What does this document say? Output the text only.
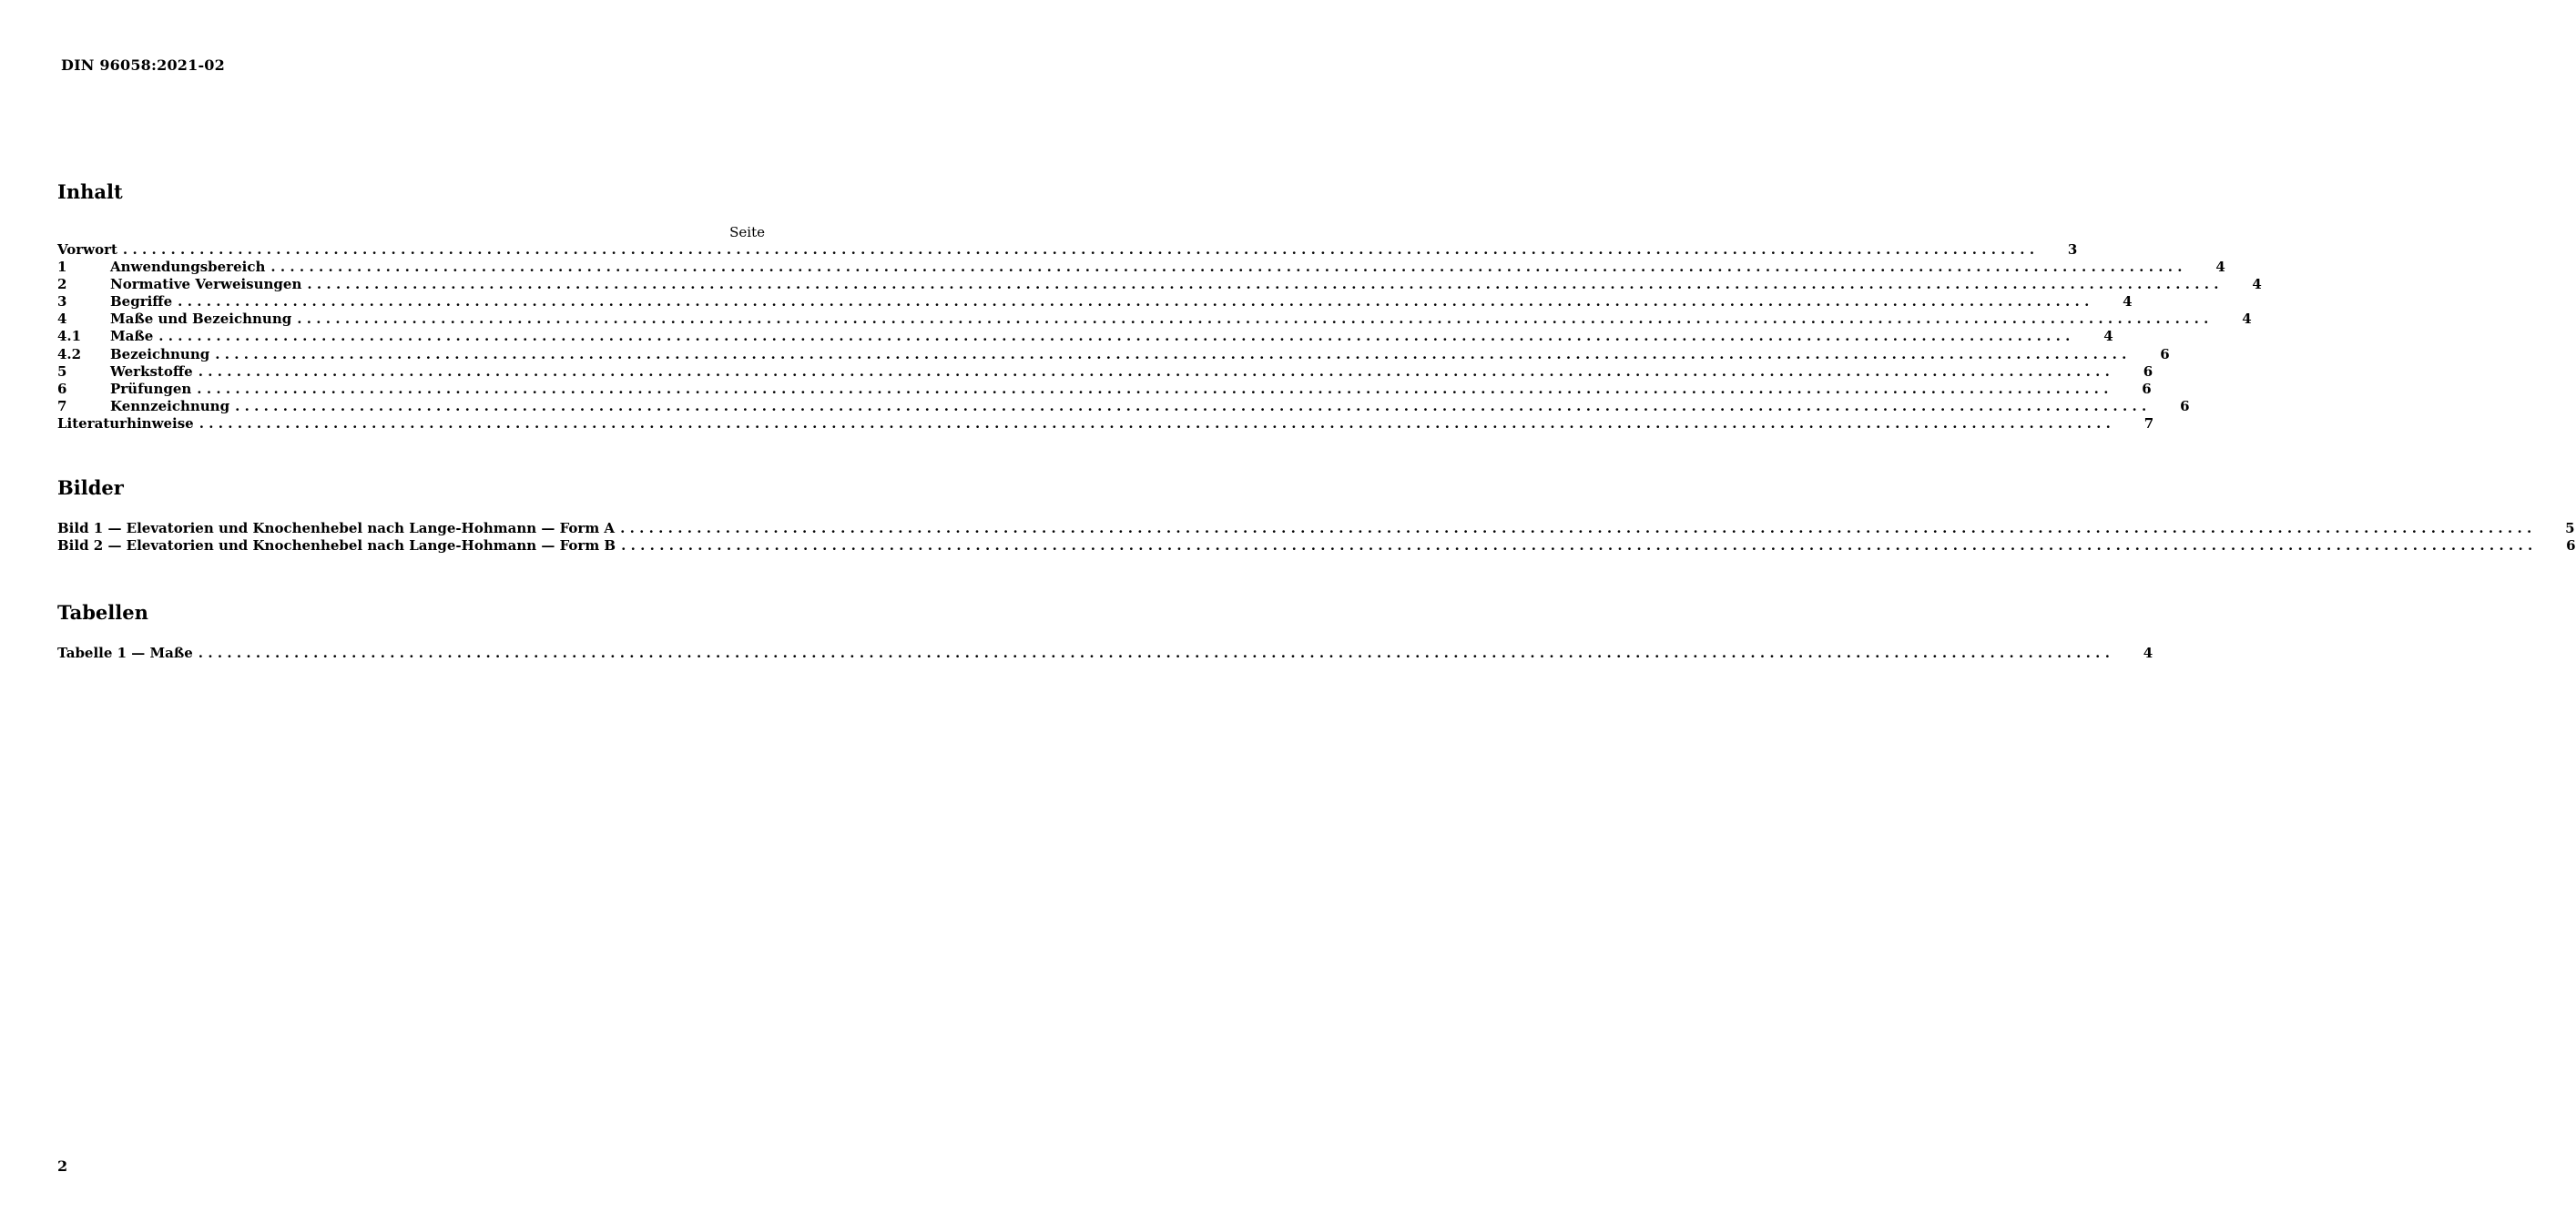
DIN 96058:2021-02
Inhalt
Seite
Vorwort ........................................................................................................................................................................................................ 3
1	Anwendungsbereich ........................................................................................................................................................................................................ 4
2	Normative Verweisungen ........................................................................................................................................................................................................ 4
3	Begriffe ........................................................................................................................................................................................................ 4
4	Maße und Bezeichnung ........................................................................................................................................................................................................ 4
4.1	Maße ........................................................................................................................................................................................................ 4
4.2	Bezeichnung ........................................................................................................................................................................................................ 6
5	Werkstoffe ........................................................................................................................................................................................................ 6
6	Prüfungen ........................................................................................................................................................................................................ 6
7	Kennzeichnung ........................................................................................................................................................................................................ 6
Literaturhinweise ........................................................................................................................................................................................................ 7
Bilder
Bild 1 — Elevatorien und Knochenhebel nach Lange-Hohmann — Form A ........................................................................................................................................................................................................ 5
Bild 2 — Elevatorien und Knochenhebel nach Lange-Hohmann — Form B ........................................................................................................................................................................................................ 6
Tabellen
Tabelle 1 — Maße ........................................................................................................................................................................................................ 4
2
